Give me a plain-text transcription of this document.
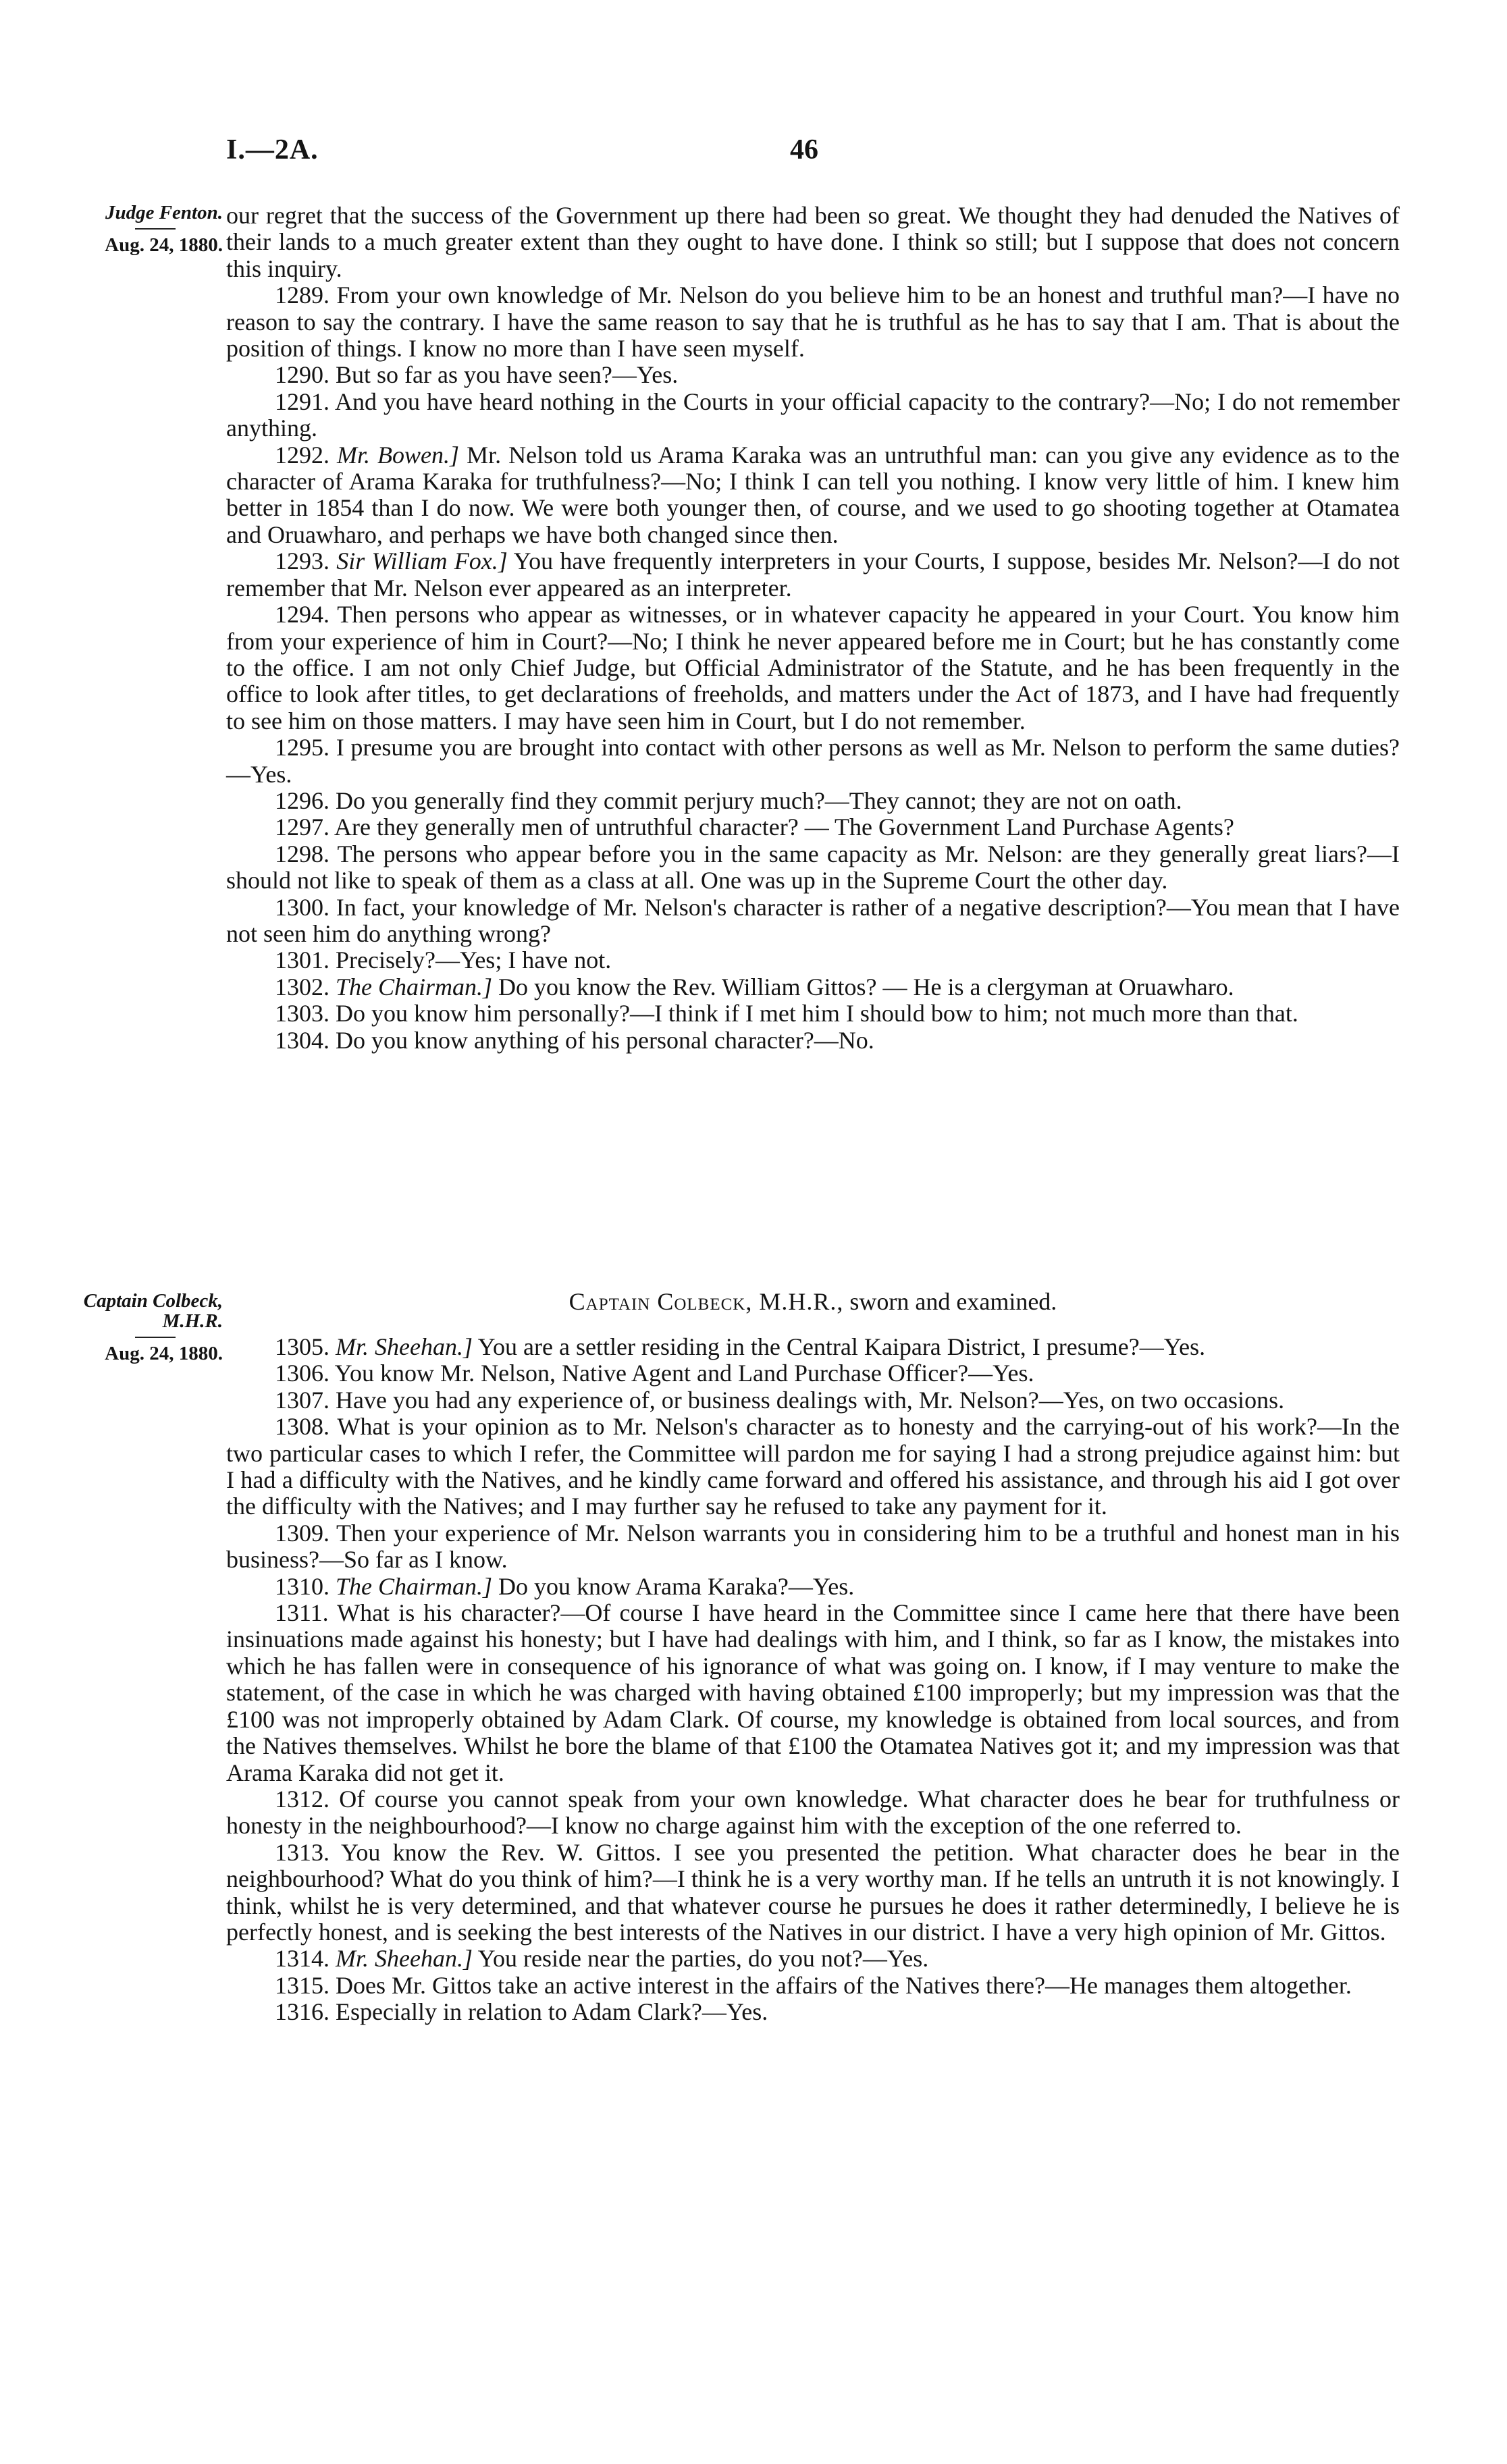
I.—2A.	46
Judge Fenton.
Aug. 24, 1880.

our regret that the success of the Government up there had been so great. We thought they had denuded the Natives of their lands to a much greater extent than they ought to have done. I think so still; but I suppose that does not concern this inquiry.

1289. From your own knowledge of Mr. Nelson do you believe him to be an honest and truthful man?—I have no reason to say the contrary. I have the same reason to say that he is truthful as he has to say that I am. That is about the position of things. I know no more than I have seen myself.

1290. But so far as you have seen?—Yes.

1291. And you have heard nothing in the Courts in your official capacity to the contrary?—No; I do not remember anything.

1292. Mr. Bowen.] Mr. Nelson told us Arama Karaka was an untruthful man: can you give any evidence as to the character of Arama Karaka for truthfulness?—No; I think I can tell you nothing. I know very little of him. I knew him better in 1854 than I do now. We were both younger then, of course, and we used to go shooting together at Otamatea and Oruawharo, and perhaps we have both changed since then.

1293. Sir William Fox.] You have frequently interpreters in your Courts, I suppose, besides Mr. Nelson?—I do not remember that Mr. Nelson ever appeared as an interpreter.

1294. Then persons who appear as witnesses, or in whatever capacity he appeared in your Court. You know him from your experience of him in Court?—No; I think he never appeared before me in Court; but he has constantly come to the office. I am not only Chief Judge, but Official Administrator of the Statute, and he has been frequently in the office to look after titles, to get declarations of freeholds, and matters under the Act of 1873, and I have had frequently to see him on those matters. I may have seen him in Court, but I do not remember.

1295. I presume you are brought into contact with other persons as well as Mr. Nelson to perform the same duties?—Yes.

1296. Do you generally find they commit perjury much?—They cannot; they are not on oath.

1297. Are they generally men of untruthful character? — The Government Land Purchase Agents?

1298. The persons who appear before you in the same capacity as Mr. Nelson: are they generally great liars?—I should not like to speak of them as a class at all. One was up in the Supreme Court the other day.

1300. In fact, your knowledge of Mr. Nelson's character is rather of a negative description?—You mean that I have not seen him do anything wrong?

1301. Precisely?—Yes; I have not.

1302. The Chairman.] Do you know the Rev. William Gittos? — He is a clergyman at Oruawharo.

1303. Do you know him personally?—I think if I met him I should bow to him; not much more than that.

1304. Do you know anything of his personal character?—No.

Captain Colbeck, M.H.R.
Aug. 24, 1880.
Captain Colbeck, M.H.R., sworn and examined.

1305. Mr. Sheehan.] You are a settler residing in the Central Kaipara District, I presume?—Yes.

1306. You know Mr. Nelson, Native Agent and Land Purchase Officer?—Yes.

1307. Have you had any experience of, or business dealings with, Mr. Nelson?—Yes, on two occasions.

1308. What is your opinion as to Mr. Nelson's character as to honesty and the carrying-out of his work?—In the two particular cases to which I refer, the Committee will pardon me for saying I had a strong prejudice against him: but I had a difficulty with the Natives, and he kindly came forward and offered his assistance, and through his aid I got over the difficulty with the Natives; and I may further say he refused to take any payment for it.

1309. Then your experience of Mr. Nelson warrants you in considering him to be a truthful and honest man in his business?—So far as I know.

1310. The Chairman.] Do you know Arama Karaka?—Yes.

1311. What is his character?—Of course I have heard in the Committee since I came here that there have been insinuations made against his honesty; but I have had dealings with him, and I think, so far as I know, the mistakes into which he has fallen were in consequence of his ignorance of what was going on. I know, if I may venture to make the statement, of the case in which he was charged with having obtained £100 improperly; but my impression was that the £100 was not improperly obtained by Adam Clark. Of course, my knowledge is obtained from local sources, and from the Natives themselves. Whilst he bore the blame of that £100 the Otamatea Natives got it; and my impression was that Arama Karaka did not get it.

1312. Of course you cannot speak from your own knowledge. What character does he bear for truthfulness or honesty in the neighbourhood?—I know no charge against him with the exception of the one referred to.

1313. You know the Rev. W. Gittos. I see you presented the petition. What character does he bear in the neighbourhood? What do you think of him?—I think he is a very worthy man. If he tells an untruth it is not knowingly. I think, whilst he is very determined, and that whatever course he pursues he does it rather determinedly, I believe he is perfectly honest, and is seeking the best interests of the Natives in our district. I have a very high opinion of Mr. Gittos.

1314. Mr. Sheehan.] You reside near the parties, do you not?—Yes.

1315. Does Mr. Gittos take an active interest in the affairs of the Natives there?—He manages them altogether.

1316. Especially in relation to Adam Clark?—Yes.
